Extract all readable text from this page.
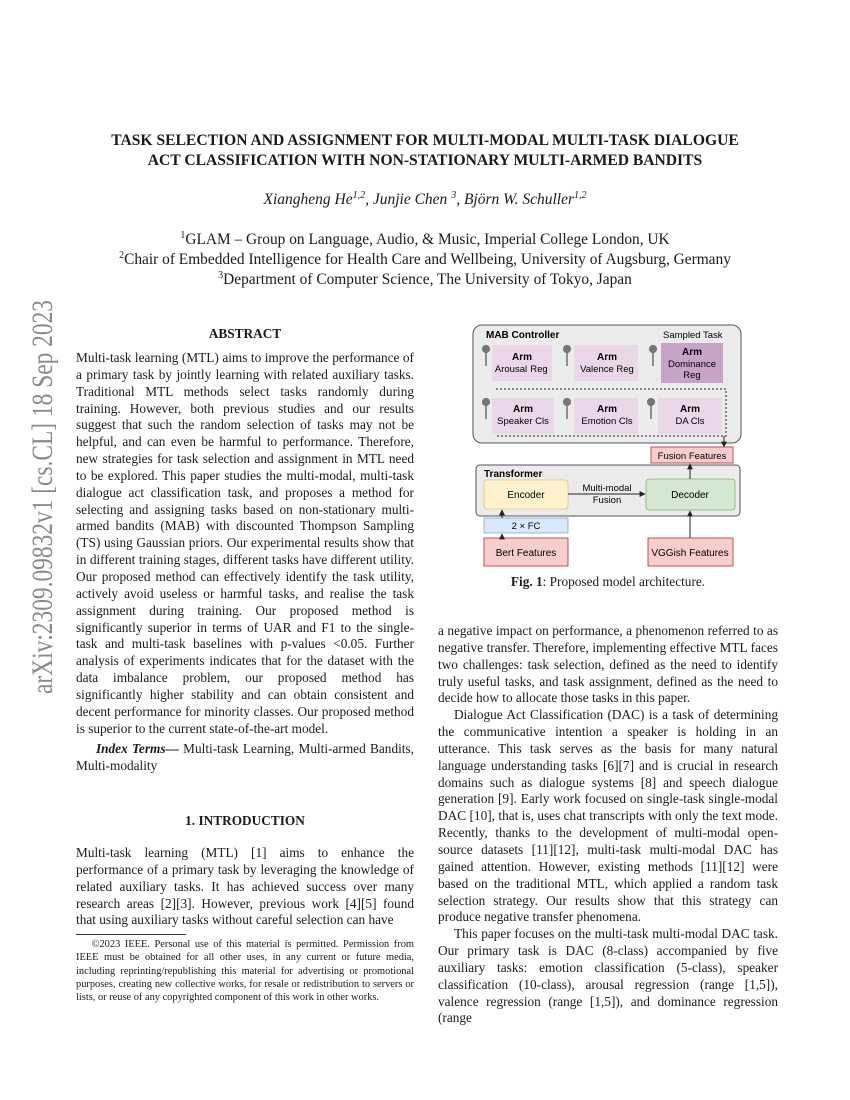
arXiv:2309.09832v1 [cs.CL] 18 Sep 2023
TASK SELECTION AND ASSIGNMENT FOR MULTI-MODAL MULTI-TASK DIALOGUE
ACT CLASSIFICATION WITH NON-STATIONARY MULTI-ARMED BANDITS
Xiangheng He$^{1,2}$, Junjie Chen $^3$, Björn W. Schuller$^{1,2}$
$^1$GLAM – Group on Language, Audio, & Music, Imperial College London, UK
$^2$Chair of Embedded Intelligence for Health Care and Wellbeing, University of Augsburg, Germany
$^3$Department of Computer Science, The University of Tokyo, Japan
ABSTRACT

Multi-task learning (MTL) aims to improve the performance of a primary task by jointly learning with related auxiliary tasks. Traditional MTL methods select tasks randomly during training. However, both previous studies and our results suggest that such the random selection of tasks may not be helpful, and can even be harmful to performance. Therefore, new strategies for task selection and assignment in MTL need to be explored. This paper studies the multi-modal, multi-task dialogue act classification task, and proposes a method for selecting and assigning tasks based on non-stationary multi-armed bandits (MAB) with discounted Thompson Sampling (TS) using Gaussian priors. Our experimental results show that in different training stages, different tasks have different utility. Our proposed method can effectively identify the task utility, actively avoid useless or harmful tasks, and realise the task assignment during training. Our proposed method is significantly superior in terms of UAR and F1 to the single-task and multi-task baselines with p-values <0.05. Further analysis of experiments indicates that for the dataset with the data imbalance problem, our proposed method has significantly higher stability and can obtain consistent and decent performance for minority classes. Our proposed method is superior to the current state-of-the-art model.

Index Terms— Multi-task Learning, Multi-armed Bandits, Multi-modality

1. INTRODUCTION

Multi-task learning (MTL) [1] aims to enhance the performance of a primary task by leveraging the knowledge of related auxiliary tasks. It has achieved success over many research areas [2][3]. However, previous work [4][5] found that using auxiliary tasks without careful selection can have

©2023 IEEE. Personal use of this material is permitted. Permission from IEEE must be obtained for all other uses, in any current or future media, including reprinting/republishing this material for advertising or promotional purposes, creating new collective works, for resale or redistribution to servers or lists, or reuse of any copyrighted component of this work in other works.

MAB Controller	Sampled Task
Arm
Arousal Reg
Arm
Valence Reg
Arm
Dominance
Reg
Arm
Speaker Cls
Arm
Emotion Cls
Arm
DA Cls
Fusion Features
Transformer
Encoder	Decoder
Multi-modal
Fusion
2 × FC
Bert Features	VGGish Features
Fig. 1: Proposed model architecture.

a negative impact on performance, a phenomenon referred to as negative transfer. Therefore, implementing effective MTL faces two challenges: task selection, defined as the need to identify truly useful tasks, and task assignment, defined as the need to decide how to allocate those tasks in this paper.

Dialogue Act Classification (DAC) is a task of determining the communicative intention a speaker is holding in an utterance. This task serves as the basis for many natural language understanding tasks [6][7] and is crucial in research domains such as dialogue systems [8] and speech dialogue generation [9]. Early work focused on single-task single-modal DAC [10], that is, uses chat transcripts with only the text mode. Recently, thanks to the development of multi-modal open-source datasets [11][12], multi-task multi-modal DAC has gained attention. However, existing methods [11][12] were based on the traditional MTL, which applied a random task selection strategy. Our results show that this strategy can produce negative transfer phenomena.

This paper focuses on the multi-task multi-modal DAC task. Our primary task is DAC (8-class) accompanied by five auxiliary tasks: emotion classification (5-class), speaker classification (10-class), arousal regression (range [1,5]), valence regression (range [1,5]), and dominance regression (range
